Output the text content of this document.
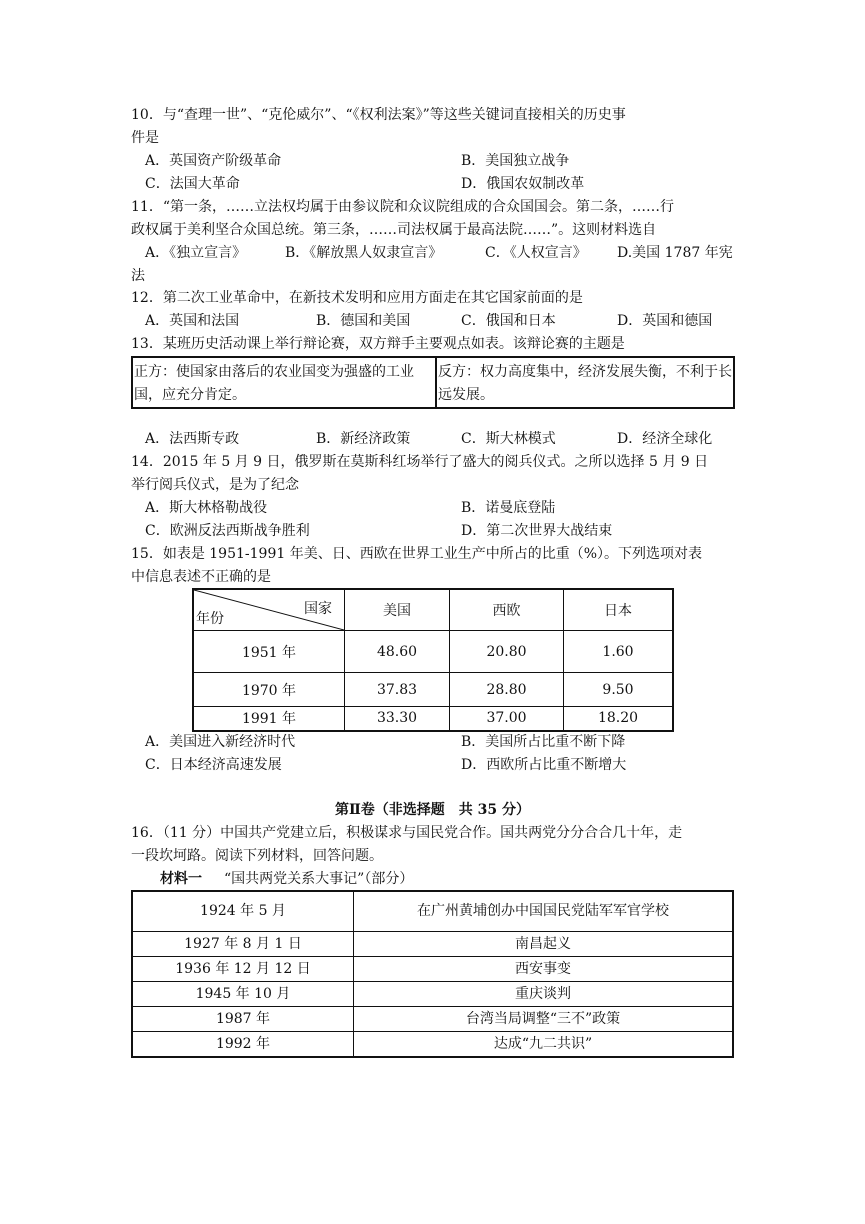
10．与“查理一世”、“克伦威尔”、“《权利法案》”等这些关键词直接相关的历史事
件是
A．英国资产阶级革命	B．美国独立战争
C．法国大革命	D．俄国农奴制改革
11．“第一条，……立法权均属于由参议院和众议院组成的合众国国会。第二条，……行
政权属于美利坚合众国总统。第三条，……司法权属于最高法院……”。这则材料选自
A．《独立宣言》	B．《解放黑人奴隶宣言》	C．《人权宣言》 D.美国 1787 年宪
法
12．第二次工业革命中，在新技术发明和应用方面走在其它国家前面的是
A．英国和法国	B．德国和美国	C．俄国和日本	D．英国和德国
13．某班历史活动课上举行辩论赛，双方辩手主要观点如表。该辩论赛的主题是
正方：使国家由落后的农业国变为强盛的工业国，应充分肯定。	反方：权力高度集中，经济发展失衡，不利于长远发展。
A．法西斯专政	B．新经济政策	C．斯大林模式	D．经济全球化
14．2015 年 5 月 9 日，俄罗斯在莫斯科红场举行了盛大的阅兵仪式。之所以选择 5 月 9 日
举行阅兵仪式，是为了纪念
A．斯大林格勒战役	B．诺曼底登陆
C．欧洲反法西斯战争胜利	D．第二次世界大战结束
15．如表是 1951-1991 年美、日、西欧在世界工业生产中所占的比重（%）。下列选项对表
中信息表述不正确的是
年份
国家	美国	西欧	日本
1951 年	48.60	20.80	1.60
1970 年	37.83	28.80	9.50
1991 年	33.30	37.00	18.20
A．美国进入新经济时代	B．美国所占比重不断下降
C．日本经济高速发展	D．西欧所占比重不断增大
第Ⅱ卷（非选择题　共 35 分）
16．（11 分）中国共产党建立后，积极谋求与国民党合作。国共两党分分合合几十年，走
一段坎坷路。阅读下列材料，回答问题。
材料一 “国共两党关系大事记”（部分）
1924 年 5 月	在广州黄埔创办中国国民党陆军军官学校
1927 年 8 月 1 日	南昌起义
1936 年 12 月 12 日	西安事变
1945 年 10 月	重庆谈判
1987 年	台湾当局调整“三不”政策
1992 年	达成“九二共识”
